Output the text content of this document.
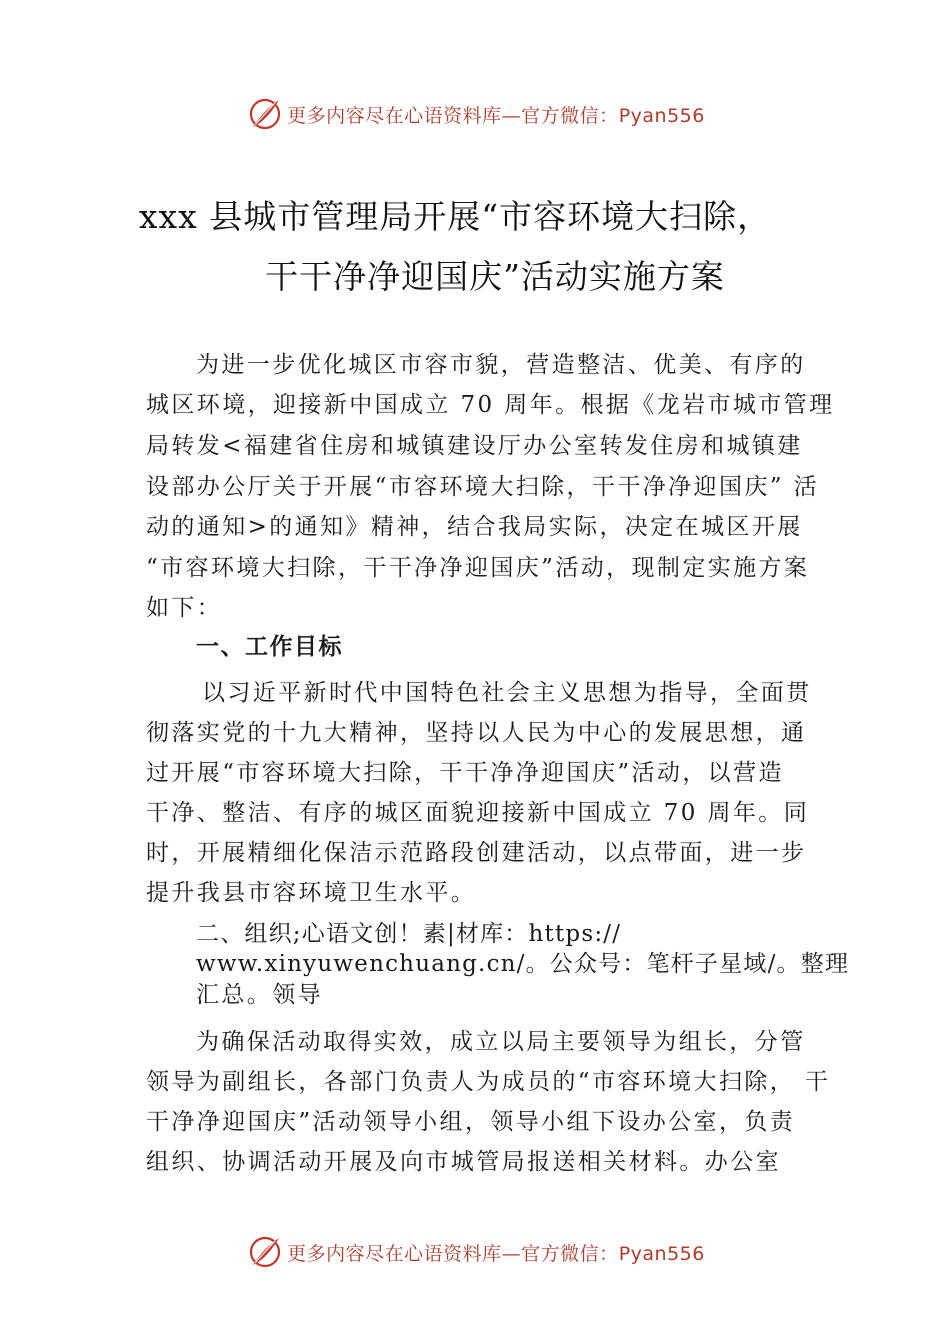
更多内容尽在心语资料库—官方微信：Pyan556
xxx 县城市管理局开展“市容环境大扫除，
干干净净迎国庆”活动实施方案
为进一步优化城区市容市貌，营造整洁、优美、有序的
城区环境，迎接新中国成立 70 周年。根据《龙岩市城市管理
局转发<福建省住房和城镇建设厅办公室转发住房和城镇建
设部办公厅关于开展“市容环境大扫除，干干净净迎国庆” 活
动的通知>的通知》精神，结合我局实际，决定在城区开展
“市容环境大扫除，干干净净迎国庆”活动，现制定实施方案
如下：
一、工作目标
以习近平新时代中国特色社会主义思想为指导，全面贯
彻落实党的十九大精神，坚持以人民为中心的发展思想，通
过开展“市容环境大扫除，干干净净迎国庆”活动，以营造
干净、整洁、有序的城区面貌迎接新中国成立 70 周年。同
时，开展精细化保洁示范路段创建活动，以点带面，进一步
提升我县市容环境卫生水平。
二、组织;心语文创！素|材库：https://
www.xinyuwenchuang.cn/。公众号：笔杆子星域/。整理
汇总。领导
为确保活动取得实效，成立以局主要领导为组长，分管
领导为副组长，各部门负责人为成员的“市容环境大扫除， 干
干净净迎国庆”活动领导小组，领导小组下设办公室，负责
组织、协调活动开展及向市城管局报送相关材料。办公室
更多内容尽在心语资料库—官方微信：Pyan556
